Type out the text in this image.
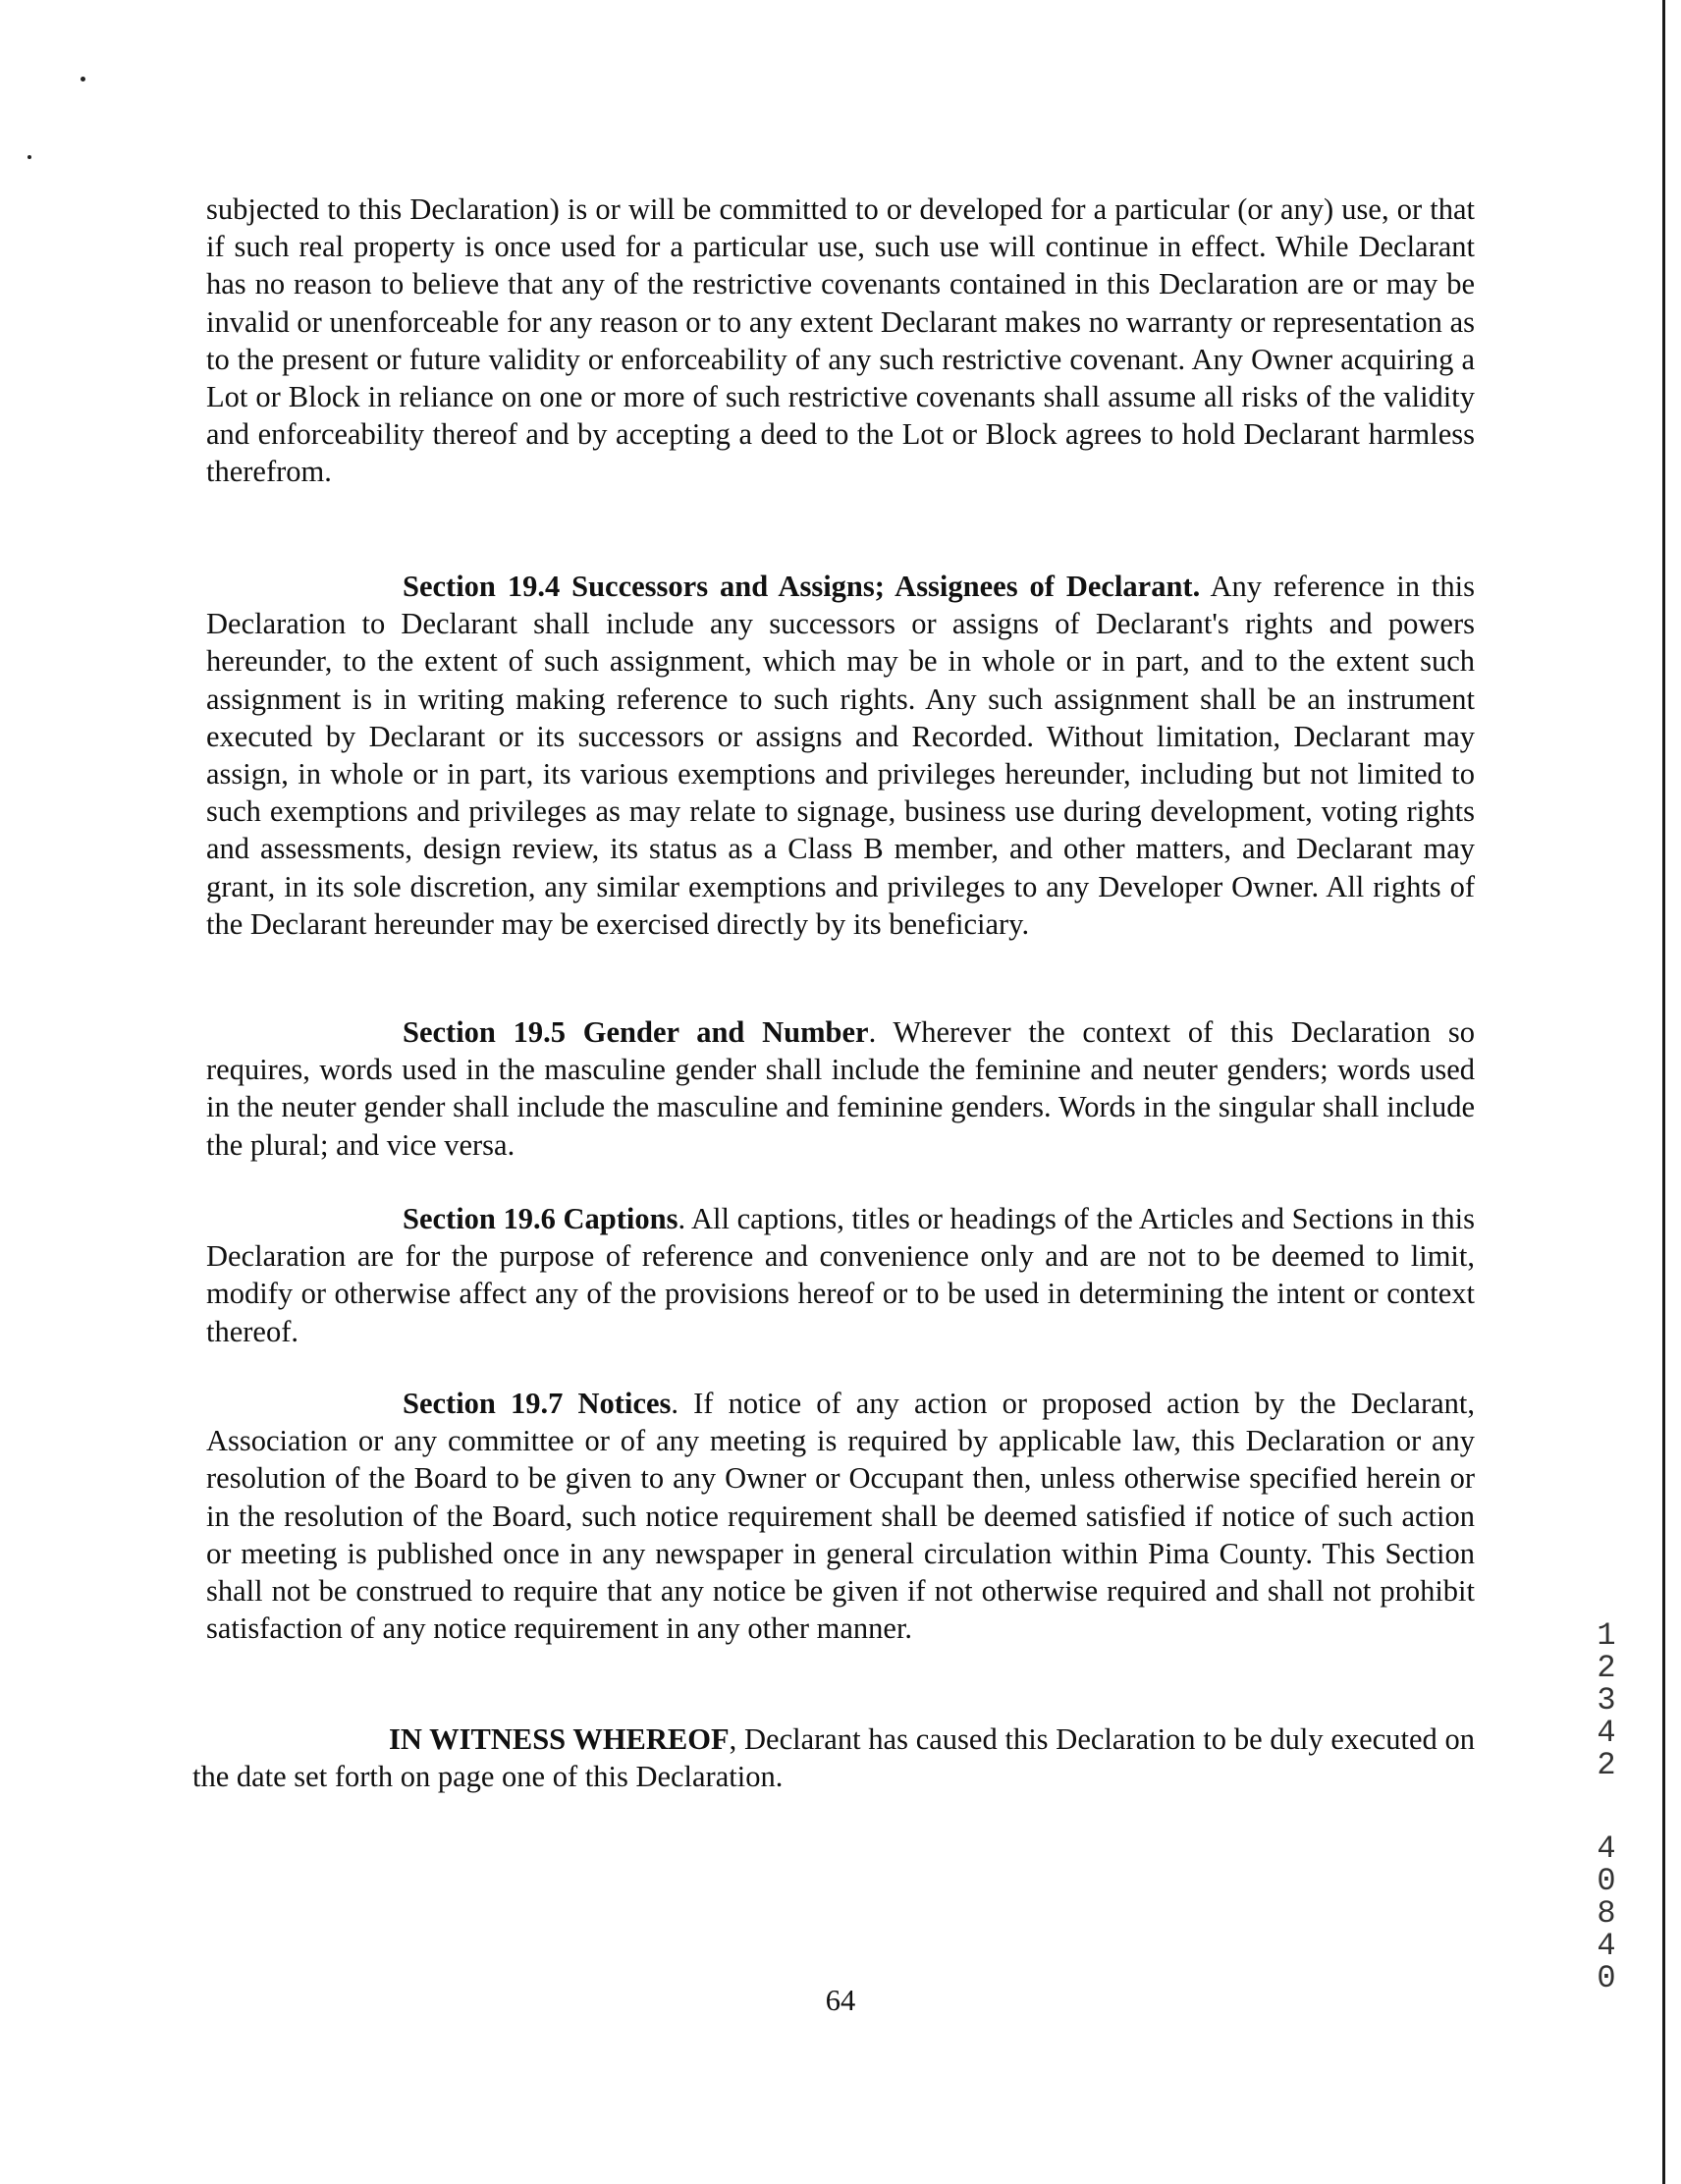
subjected to this Declaration) is or will be committed to or developed for a particular (or any) use, or that if such real property is once used for a particular use, such use will continue in effect. While Declarant has no reason to believe that any of the restrictive covenants contained in this Declaration are or may be invalid or unenforceable for any reason or to any extent Declarant makes no warranty or representation as to the present or future validity or enforceability of any such restrictive covenant. Any Owner acquiring a Lot or Block in reliance on one or more of such restrictive covenants shall assume all risks of the validity and enforceability thereof and by accepting a deed to the Lot or Block agrees to hold Declarant harmless therefrom.

Section 19.4 Successors and Assigns; Assignees of Declarant. Any reference in this Declaration to Declarant shall include any successors or assigns of Declarant's rights and powers hereunder, to the extent of such assignment, which may be in whole or in part, and to the extent such assignment is in writing making reference to such rights. Any such assignment shall be an instrument executed by Declarant or its successors or assigns and Recorded. Without limitation, Declarant may assign, in whole or in part, its various exemptions and privileges hereunder, including but not limited to such exemptions and privileges as may relate to signage, business use during development, voting rights and assessments, design review, its status as a Class B member, and other matters, and Declarant may grant, in its sole discretion, any similar exemptions and privileges to any Developer Owner. All rights of the Declarant hereunder may be exercised directly by its beneficiary.

Section 19.5 Gender and Number. Wherever the context of this Declaration so requires, words used in the masculine gender shall include the feminine and neuter genders; words used in the neuter gender shall include the masculine and feminine genders. Words in the singular shall include the plural; and vice versa.

Section 19.6 Captions. All captions, titles or headings of the Articles and Sections in this Declaration are for the purpose of reference and convenience only and are not to be deemed to limit, modify or otherwise affect any of the provisions hereof or to be used in determining the intent or context thereof.

Section 19.7 Notices. If notice of any action or proposed action by the Declarant, Association or any committee or of any meeting is required by applicable law, this Declaration or any resolution of the Board to be given to any Owner or Occupant then, unless otherwise specified herein or in the resolution of the Board, such notice requirement shall be deemed satisfied if notice of such action or meeting is published once in any newspaper in general circulation within Pima County. This Section shall not be construed to require that any notice be given if not otherwise required and shall not prohibit satisfaction of any notice requirement in any other manner.

IN WITNESS WHEREOF, Declarant has caused this Declaration to be duly executed on the date set forth on page one of this Declaration.

	12342

40840

64
